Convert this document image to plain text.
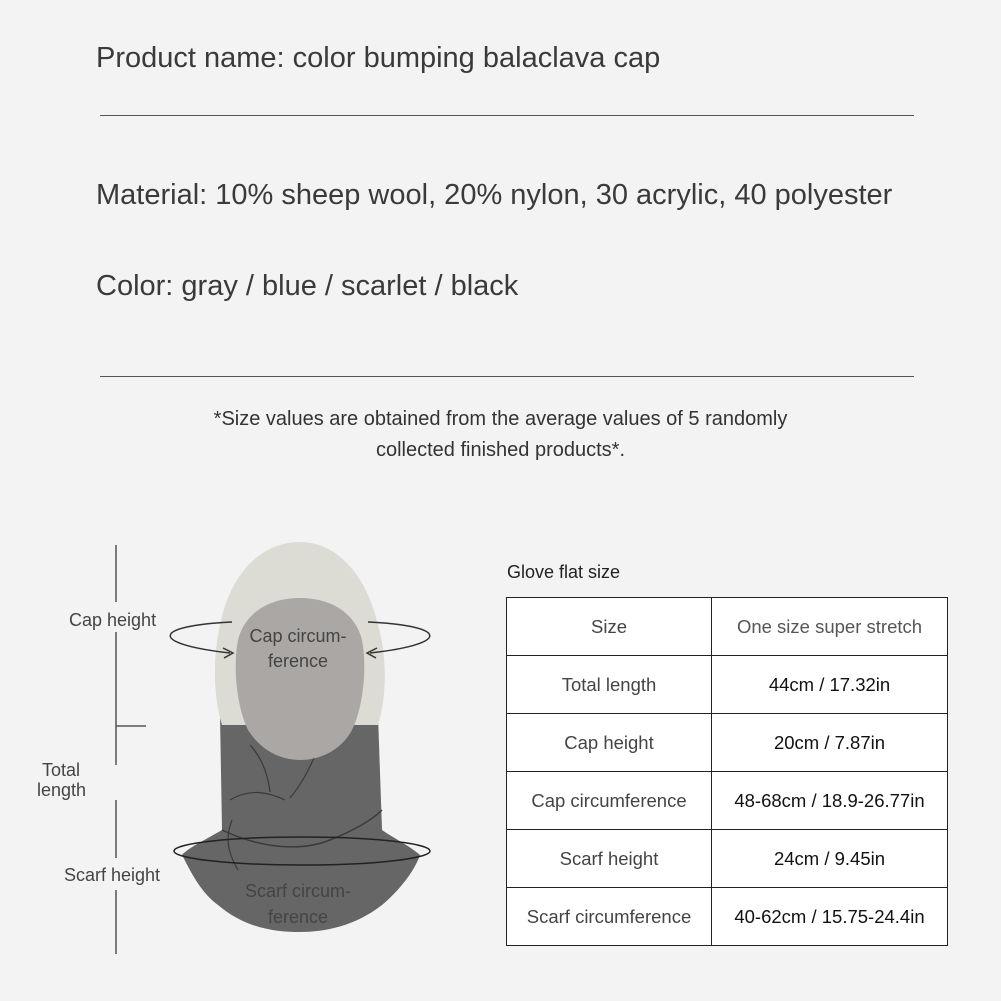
Product name: color bumping balaclava cap
Material: 10% sheep wool, 20% nylon, 30 acrylic, 40 polyester
Color: gray / blue / scarlet / black
*Size values are obtained from the average values of 5 randomly
collected finished products*.
Cap height
Total
length
Scarf height
Cap circum-
ference
Scarf circum-
ference
Glove flat size
Size	One size super stretch
Total length	44cm / 17.32in
Cap height	20cm / 7.87in
Cap circumference	48-68cm / 18.9-26.77in
Scarf height	24cm / 9.45in
Scarf circumference	40-62cm / 15.75-24.4in
